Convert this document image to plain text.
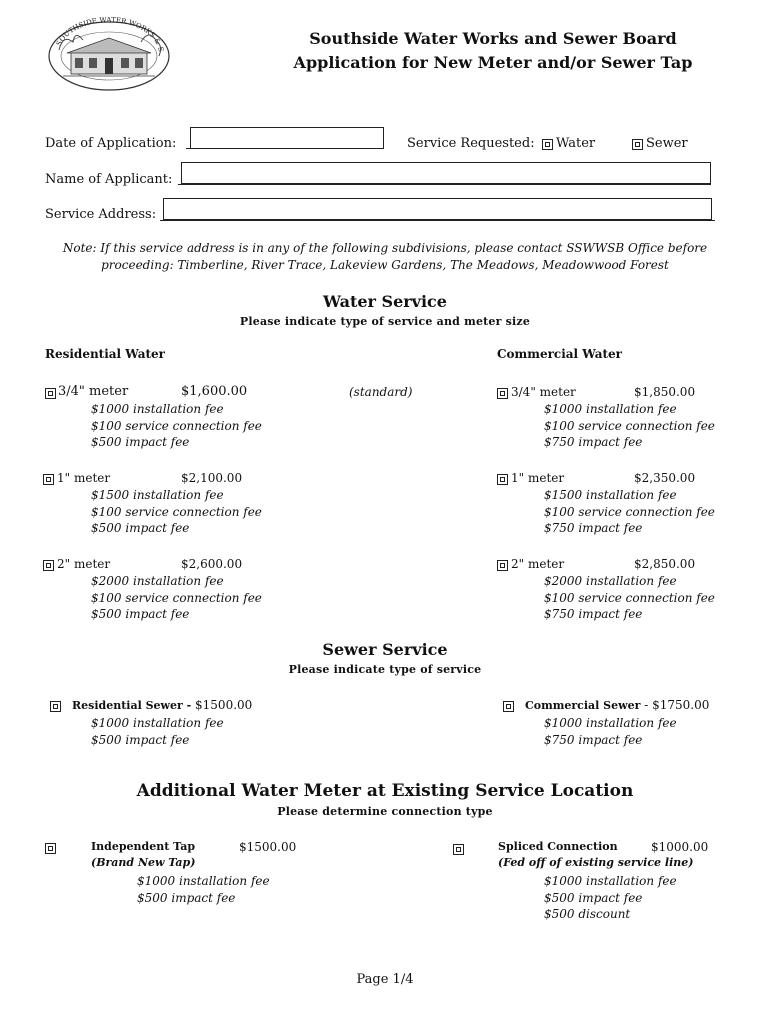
SOUTHSIDE WATER WORKS & S
Southside Water Works and Sewer Board
Application for New Meter and/or Sewer Tap
Date of Application:	Service Requested: Water	Sewer
Name of Applicant:
Service Address:
Note: If this service address is in any of the following subdivisions, please contact SSWWSB Office before
proceeding: Timberline, River Trace, Lakeview Gardens, The Meadows, Meadowwood Forest
Water Service
Please indicate type of service and meter size
Residential Water	Commercial Water
3/4" meter	$1,600.00	(standard)
$1000 installation fee
$100 service connection fee
$500 impact fee
1" meter	$2,100.00
$1500 installation fee
$100 service connection fee
$500 impact fee
2" meter	$2,600.00
$2000 installation fee
$100 service connection fee
$500 impact fee
3/4" meter	$1,850.00
$1000 installation fee
$100 service connection fee
$750 impact fee
1" meter	$2,350.00
$1500 installation fee
$100 service connection fee
$750 impact fee
2" meter	$2,850.00
$2000 installation fee
$100 service connection fee
$750 impact fee
Sewer Service
Please indicate type of service
Residential Sewer - $1500.00
$1000 installation fee
$500 impact fee
Commercial Sewer - $1750.00
$1000 installation fee
$750 impact fee
Additional Water Meter at Existing Service Location
Please determine connection type
Independent Tap	$1500.00
(Brand New Tap)
$1000 installation fee
$500 impact fee
Spliced Connection	$1000.00
(Fed off of existing service line)
$1000 installation fee
$500 impact fee
$500 discount
Page 1/4
